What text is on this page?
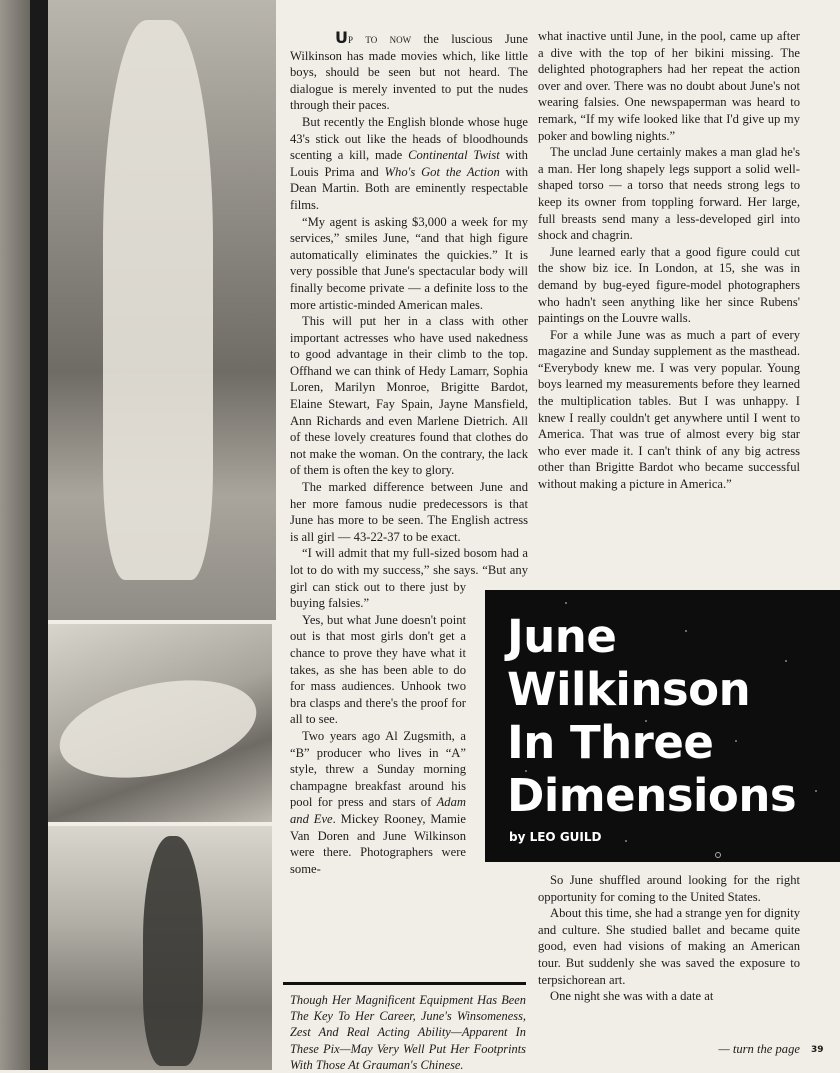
Up to now the luscious June Wilkinson has made movies which, like little boys, should be seen but not heard. The dialogue is merely invented to put the nudes through their paces.

But recently the English blonde whose huge 43's stick out like the heads of bloodhounds scenting a kill, made Continental Twist with Louis Prima and Who's Got the Action with Dean Martin. Both are eminently respectable films.

“My agent is asking $3,000 a week for my services,” smiles June, “and that high figure automatically eliminates the quickies.” It is very possible that June's spectacular body will finally become private — a definite loss to the more artistic-minded American males.

This will put her in a class with other important actresses who have used nakedness to good advantage in their climb to the top. Offhand we can think of Hedy Lamarr, Sophia Loren, Marilyn Monroe, Brigitte Bardot, Elaine Stewart, Fay Spain, Jayne Mansfield, Ann Richards and even Marlene Dietrich. All of these lovely creatures found that clothes do not make the woman. On the contrary, the lack of them is often the key to glory.

The marked difference between June and her more famous nudie predecessors is that June has more to be seen. The English actress is all girl — 43-22-37 to be exact.

“I will admit that my full-sized bosom had a lot to do with my success,” she says. “But any girl can stick out to there just by buying falsies.”

Yes, but what June doesn't point out is that most girls don't get a chance to prove they have what it takes, as she has been able to do for mass audiences. Unhook two bra clasps and there's the proof for all to see.

Two years ago Al Zugsmith, a “B” producer who lives in “A” style, threw a Sunday morning champagne breakfast around his pool for press and stars of Adam and Eve. Mickey Rooney, Mamie Van Doren and June Wilkinson were there. Photographers were some-

what inactive until June, in the pool, came up after a dive with the top of her bikini missing. The delighted photographers had her repeat the action over and over. There was no doubt about June's not wearing falsies. One newspaperman was heard to remark, “If my wife looked like that I'd give up my poker and bowling nights.”

The unclad June certainly makes a man glad he's a man. Her long shapely legs support a solid well-shaped torso — a torso that needs strong legs to keep its owner from toppling forward. Her large, full breasts send many a less-developed girl into shock and chagrin.

June learned early that a good figure could cut the show biz ice. In London, at 15, she was in demand by bug-eyed figure-model photographers who hadn't seen anything like her since Rubens' paintings on the Louvre walls.

For a while June was as much a part of every magazine and Sunday supplement as the masthead. “Everybody knew me. I was very popular. Young boys learned my measurements before they learned the multiplication tables. But I was unhappy. I knew I really couldn't get anywhere until I went to America. That was true of almost every big star who ever made it. I can't think of any big actress other than Brigitte Bardot who became successful without making a picture in America.”

June
Wilkinson
In Three
Dimensions
by LEO GUILD

So June shuffled around looking for the right opportunity for coming to the United States.

About this time, she had a strange yen for dignity and culture. She studied ballet and became quite good, even had visions of making an American tour. But suddenly she was saved the exposure to terpsichorean art.

One night she was with a date at

Though Her Magnificent Equipment Has Been The Key To Her Career, June's Winsomeness, Zest And Real Acting Ability—Apparent In These Pix—May Very Well Put Her Footprints With Those At Grauman's Chinese.
— turn the page 39
